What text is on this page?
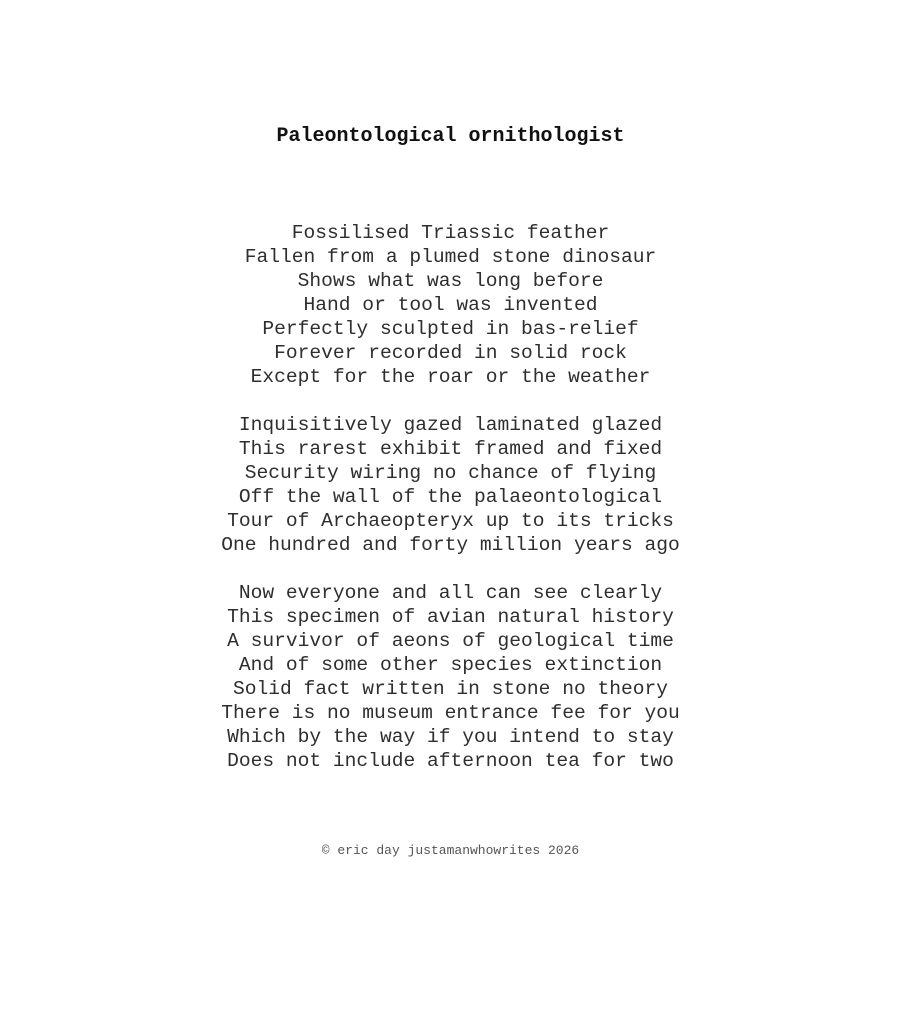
Paleontological ornithologist
Fossilised Triassic feather
Fallen from a plumed stone dinosaur
Shows what was long before
Hand or tool was invented
Perfectly sculpted in bas-relief
Forever recorded in solid rock
Except for the roar or the weather
Inquisitively gazed laminated glazed
This rarest exhibit framed and fixed
Security wiring no chance of flying
Off the wall of the palaeontological
Tour of Archaeopteryx up to its tricks
One hundred and forty million years ago
Now everyone and all can see clearly
This specimen of avian natural history
A survivor of aeons of geological time
And of some other species extinction
Solid fact written in stone no theory
There is no museum entrance fee for you
Which by the way if you intend to stay
Does not include afternoon tea for two
© eric day justamanwhowrites 2026
